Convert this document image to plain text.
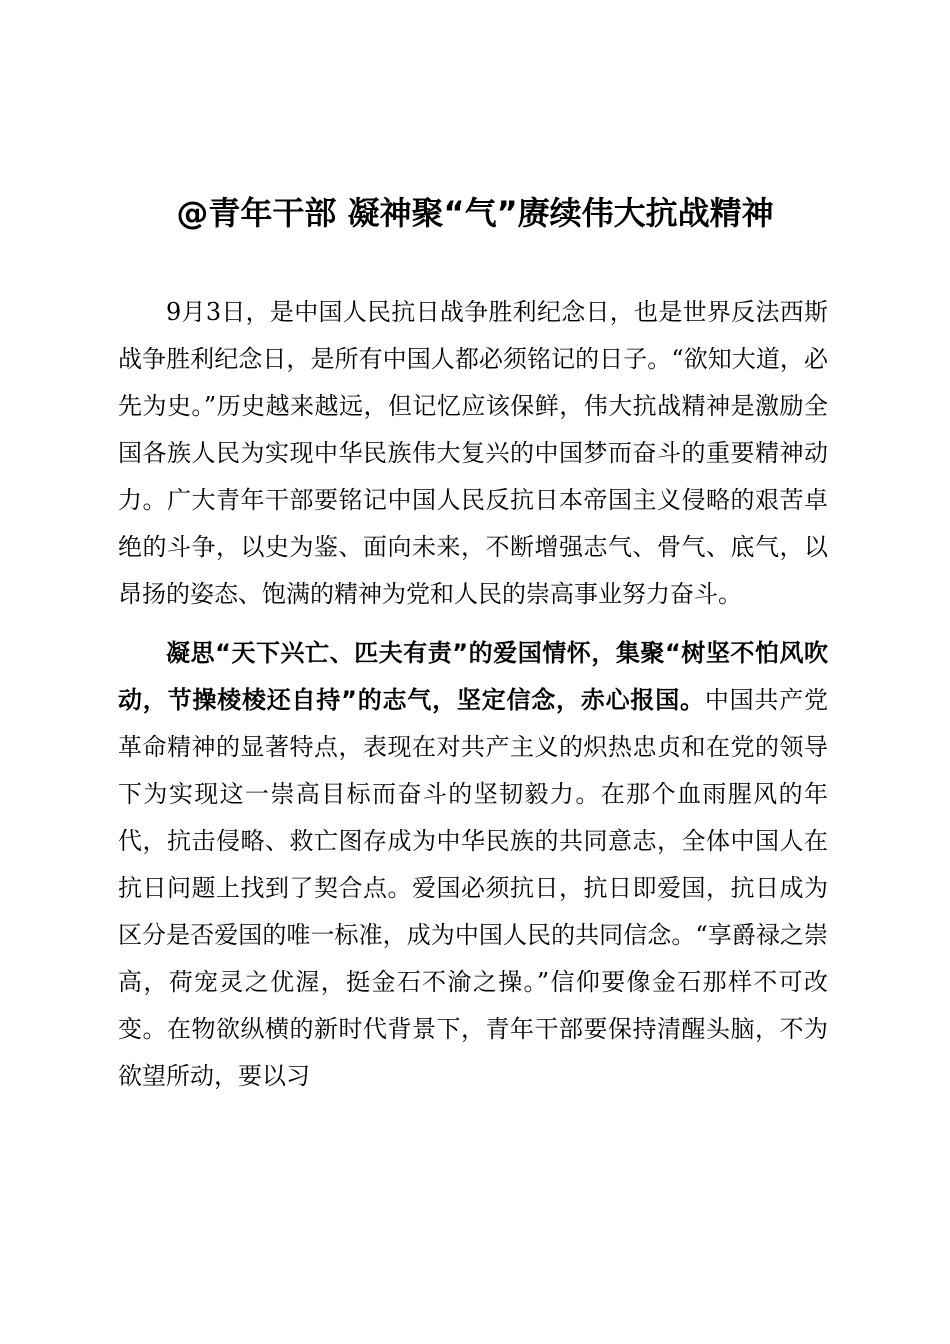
@青年干部 凝神聚“气”赓续伟大抗战精神

9月3日，是中国人民抗日战争胜利纪念日，也是世界反法西斯战争胜利纪念日，是所有中国人都必须铭记的日子。“欲知大道，必先为史。”历史越来越远，但记忆应该保鲜，伟大抗战精神是激励全国各族人民为实现中华民族伟大复兴的中国梦而奋斗的重要精神动力。广大青年干部要铭记中国人民反抗日本帝国主义侵略的艰苦卓绝的斗争，以史为鉴、面向未来，不断增强志气、骨气、底气，以昂扬的姿态、饱满的精神为党和人民的崇高事业努力奋斗。

凝思“天下兴亡、匹夫有责”的爱国情怀，集聚“树坚不怕风吹动，节操棱棱还自持”的志气，坚定信念，赤心报国。中国共产党革命精神的显著特点，表现在对共产主义的炽热忠贞和在党的领导下为实现这一崇高目标而奋斗的坚韧毅力。在那个血雨腥风的年代，抗击侵略、救亡图存成为中华民族的共同意志，全体中国人在抗日问题上找到了契合点。爱国必须抗日，抗日即爱国，抗日成为区分是否爱国的唯一标准，成为中国人民的共同信念。“享爵禄之崇高，荷宠灵之优渥，挺金石不渝之操。”信仰要像金石那样不可改变。在物欲纵横的新时代背景下，青年干部要保持清醒头脑，不为欲望所动，要以习
